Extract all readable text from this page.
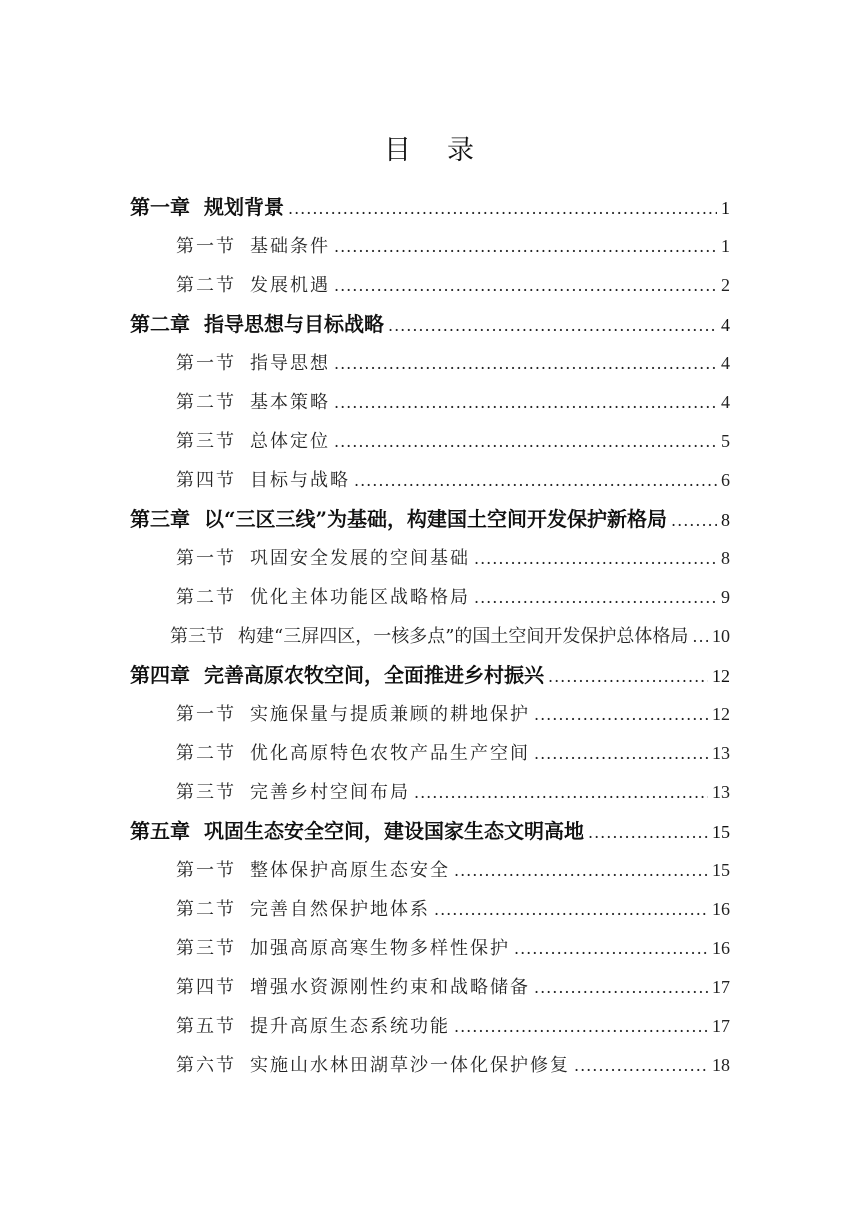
目 录
第一章 规划背景 .....	1
第一节 基础条件 .....	1
第二节 发展机遇 .....	2
第二章 指导思想与目标战略 .....	4
第一节 指导思想 .....	4
第二节 基本策略 .....	4
第三节 总体定位 .....	5
第四节 目标与战略 .....	6
第三章 以“三区三线”为基础，构建国土空间开发保护新格局 .....	8
第一节 巩固安全发展的空间基础 .....	8
第二节 优化主体功能区战略格局 .....	9
第三节 构建“三屏四区，一核多点”的国土空间开发保护总体格局 ..... 10
第四章 完善高原农牧空间，全面推进乡村振兴 .....	12
第一节 实施保量与提质兼顾的耕地保护 .....	12
第二节 优化高原特色农牧产品生产空间 .....	13
第三节 完善乡村空间布局 .....	13
第五章 巩固生态安全空间，建设国家生态文明高地 .....	15
第一节 整体保护高原生态安全 .....	15
第二节 完善自然保护地体系 .....	16
第三节 加强高原高寒生物多样性保护 .....	16
第四节 增强水资源刚性约束和战略储备 .....	17
第五节 提升高原生态系统功能 .....	17
第六节 实施山水林田湖草沙一体化保护修复 .....	18
